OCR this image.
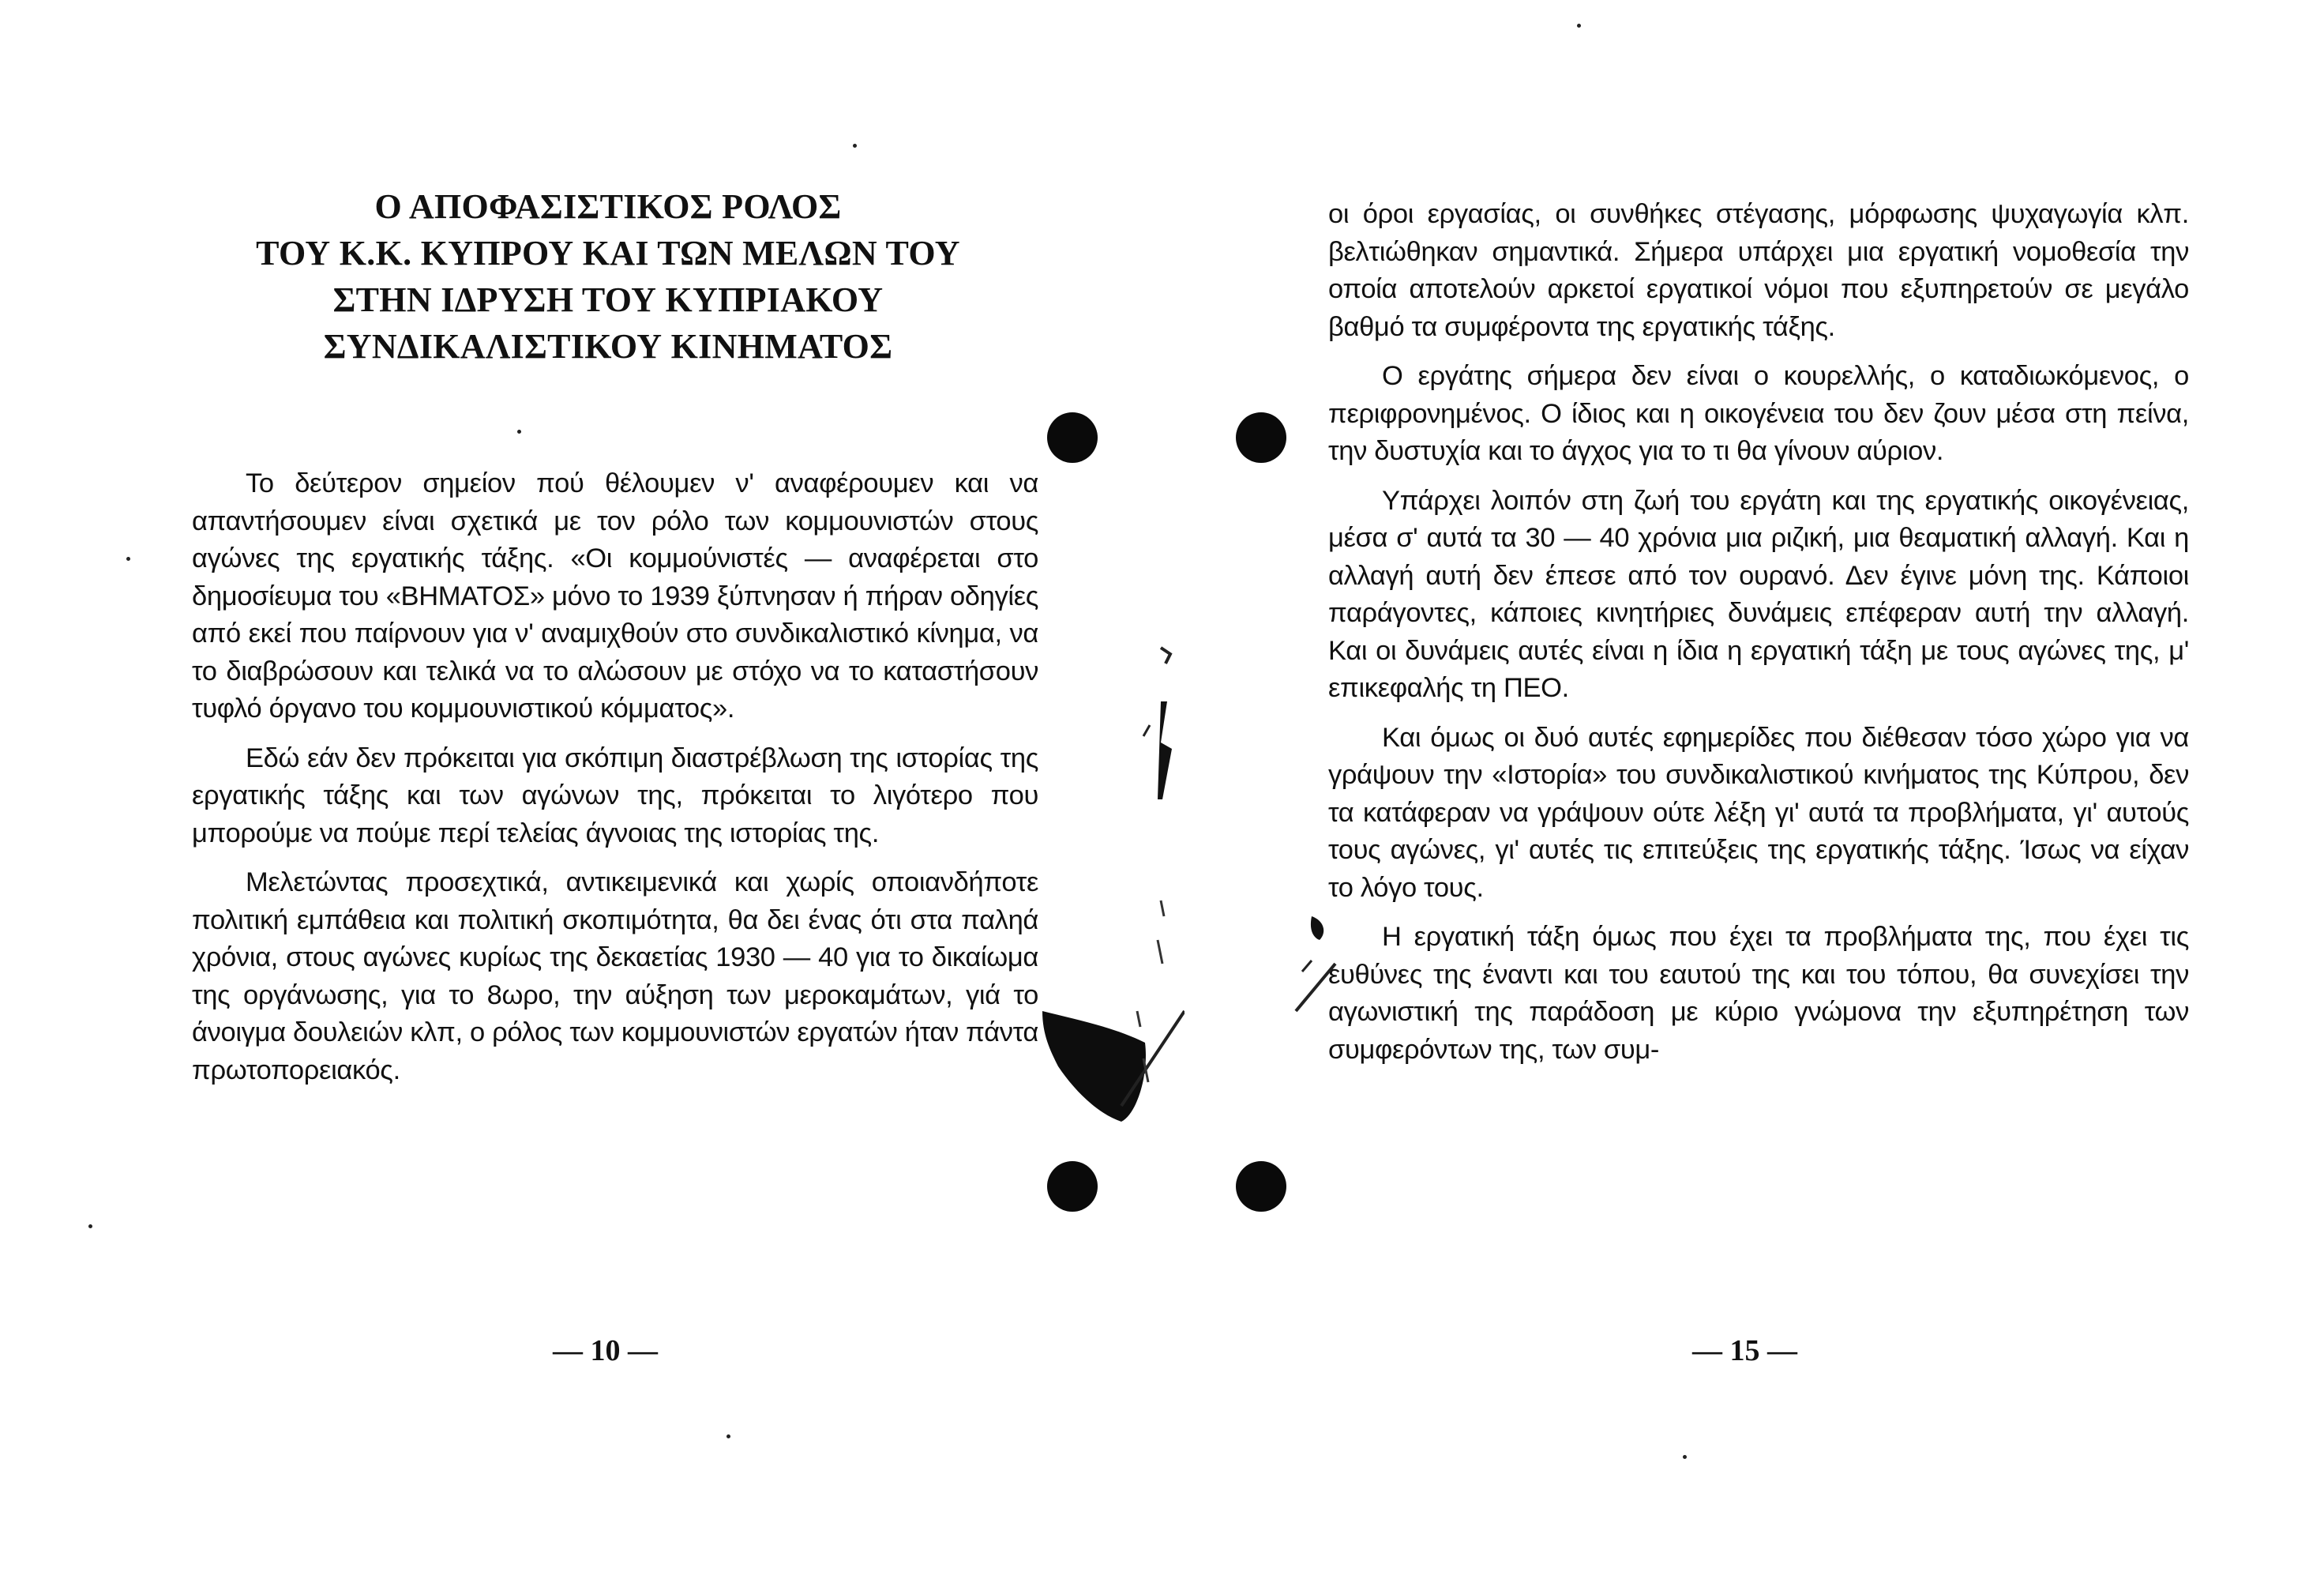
Ο ΑΠΟΦΑΣΙΣΤΙΚΟΣ ΡΟΛΟΣ
ΤΟΥ Κ.Κ. ΚΥΠΡΟΥ ΚΑΙ ΤΩΝ ΜΕΛΩΝ ΤΟΥ
ΣΤΗΝ ΙΔΡΥΣΗ ΤΟΥ ΚΥΠΡΙΑΚΟΥ
ΣΥΝΔΙΚΑΛΙΣΤΙΚΟΥ ΚΙΝΗΜΑΤΟΣ

Το δεύτερον σημείον πού θέλουμεν ν' αναφέρουμεν και να απαντήσουμεν είναι σχετικά με τον ρόλο των κομμουνιστών στους αγώνες της εργατικής τάξης. «Οι κομμούνιστές — αναφέρεται στο δημοσίευμα του «ΒΗΜΑΤΟΣ» μόνο το 1939 ξύπνησαν ή πήραν οδηγίες από εκεί που παίρνουν για ν' αναμιχθούν στο συνδικαλιστικό κίνημα, να το διαβρώσουν και τελικά να το αλώσουν με στόχο να το καταστήσουν τυφλό όργανο του κομμουνιστικού κόμματος».

Εδώ εάν δεν πρόκειται για σκόπιμη διαστρέβλωση της ιστορίας της εργατικής τάξης και των αγώνων της, πρόκειται το λιγότερο που μπορούμε να πούμε περί τελείας άγνοιας της ιστορίας της.

Μελετώντας προσεχτικά, αντικειμενικά και χωρίς οποιανδήποτε πολιτική εμπάθεια και πολιτική σκοπιμότητα, θα δει ένας ότι στα παληά χρόνια, στους αγώνες κυρίως της δεκαετίας 1930 — 40 για το δικαίωμα της οργάνωσης, για το 8ωρο, την αύξηση των μεροκαμάτων, γιά το άνοιγμα δουλειών κλπ, ο ρόλος των κομμουνιστών εργατών ήταν πάντα πρωτοπορειακός.

— 10 —

οι όροι εργασίας, οι συνθήκες στέγασης, μόρφωσης ψυχαγωγία κλπ. βελτιώθηκαν σημαντικά. Σήμερα υπάρχει μια εργατική νομοθεσία την οποία αποτελούν αρκετοί εργατικοί νόμοι που εξυπηρετούν σε μεγάλο βαθμό τα συμφέροντα της εργατικής τάξης.

Ο εργάτης σήμερα δεν είναι ο κουρελλής, ο καταδιωκόμενος, ο περιφρονημένος. Ο ίδιος και η οικογένεια του δεν ζουν μέσα στη πείνα, την δυστυχία και το άγχος για το τι θα γίνουν αύριον.

Υπάρχει λοιπόν στη ζωή του εργάτη και της εργατικής οικογένειας, μέσα σ' αυτά τα 30 — 40 χρόνια μια ριζική, μια θεαματική αλλαγή. Και η αλλαγή αυτή δεν έπεσε από τον ουρανό. Δεν έγινε μόνη της. Κάποιοι παράγοντες, κάποιες κινητήριες δυνάμεις επέφεραν αυτή την αλλαγή. Και οι δυνάμεις αυτές είναι η ίδια η εργατική τάξη με τους αγώνες της, μ' επικεφαλής τη ΠΕΟ.

Και όμως οι δυό αυτές εφημερίδες που διέθεσαν τόσο χώρο για να γράψουν την «Ιστορία» του συνδικαλιστικού κινήματος της Κύπρου, δεν τα κατάφεραν να γράψουν ούτε λέξη γι' αυτά τα προβλήματα, γι' αυτούς τους αγώνες, γι' αυτές τις επιτεύξεις της εργατικής τάξης. Ίσως να είχαν το λόγο τους.

Η εργατική τάξη όμως που έχει τα προβλήματα της, που έχει τις ευθύνες της έναντι και του εαυτού της και του τόπου, θα συνεχίσει την αγωνιστική της παράδοση με κύριο γνώμονα την εξυπηρέτηση των συμφερόντων της, των συμ-

— 15 —
